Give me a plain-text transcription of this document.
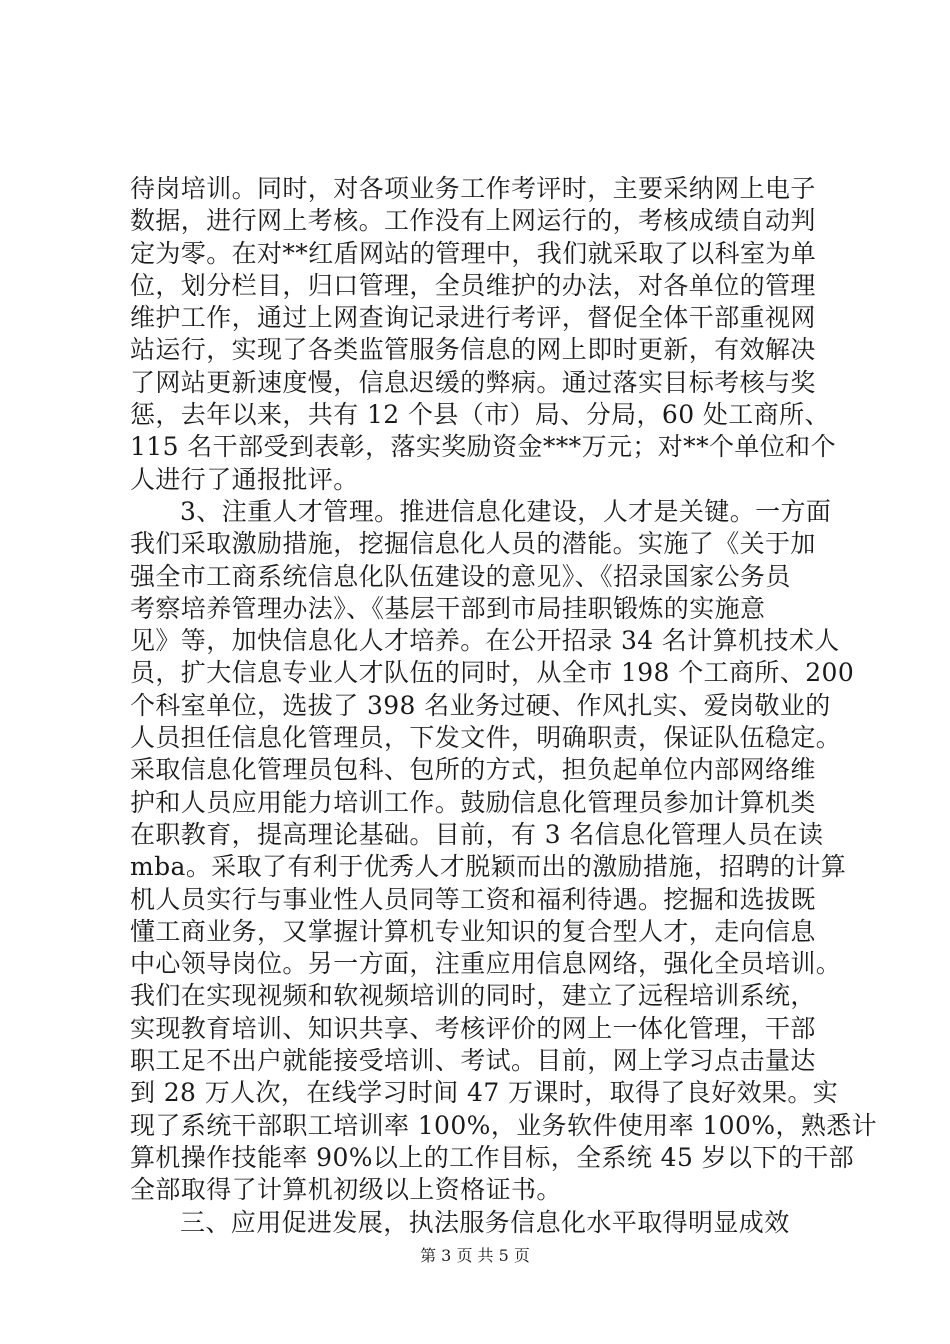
待岗培训。同时，对各项业务工作考评时，主要采纳网上电子
数据，进行网上考核。工作没有上网运行的，考核成绩自动判
定为零。在对**红盾网站的管理中，我们就采取了以科室为单
位，划分栏目，归口管理，全员维护的办法，对各单位的管理
维护工作，通过上网查询记录进行考评，督促全体干部重视网
站运行，实现了各类监管服务信息的网上即时更新，有效解决
了网站更新速度慢，信息迟缓的弊病。通过落实目标考核与奖
惩，去年以来，共有 12 个县（市）局、分局，60 处工商所、
115 名干部受到表彰，落实奖励资金***万元；对**个单位和个
人进行了通报批评。
3、注重人才管理。推进信息化建设，人才是关键。一方面
我们采取激励措施，挖掘信息化人员的潜能。实施了《关于加
强全市工商系统信息化队伍建设的意见》、《招录国家公务员
考察培养管理办法》、《基层干部到市局挂职锻炼的实施意
见》等，加快信息化人才培养。在公开招录 34 名计算机技术人
员，扩大信息专业人才队伍的同时，从全市 198 个工商所、200
个科室单位，选拔了 398 名业务过硬、作风扎实、爱岗敬业的
人员担任信息化管理员，下发文件，明确职责，保证队伍稳定。
采取信息化管理员包科、包所的方式，担负起单位内部网络维
护和人员应用能力培训工作。鼓励信息化管理员参加计算机类
在职教育，提高理论基础。目前，有 3 名信息化管理人员在读
mba。采取了有利于优秀人才脱颖而出的激励措施，招聘的计算
机人员实行与事业性人员同等工资和福利待遇。挖掘和选拔既
懂工商业务，又掌握计算机专业知识的复合型人才，走向信息
中心领导岗位。另一方面，注重应用信息网络，强化全员培训。
我们在实现视频和软视频培训的同时，建立了远程培训系统，
实现教育培训、知识共享、考核评价的网上一体化管理，干部
职工足不出户就能接受培训、考试。目前，网上学习点击量达
到 28 万人次，在线学习时间 47 万课时，取得了良好效果。实
现了系统干部职工培训率 100%，业务软件使用率 100%，熟悉计
算机操作技能率 90%以上的工作目标，全系统 45 岁以下的干部
全部取得了计算机初级以上资格证书。
三、应用促进发展，执法服务信息化水平取得明显成效
第 3 页 共 5 页
